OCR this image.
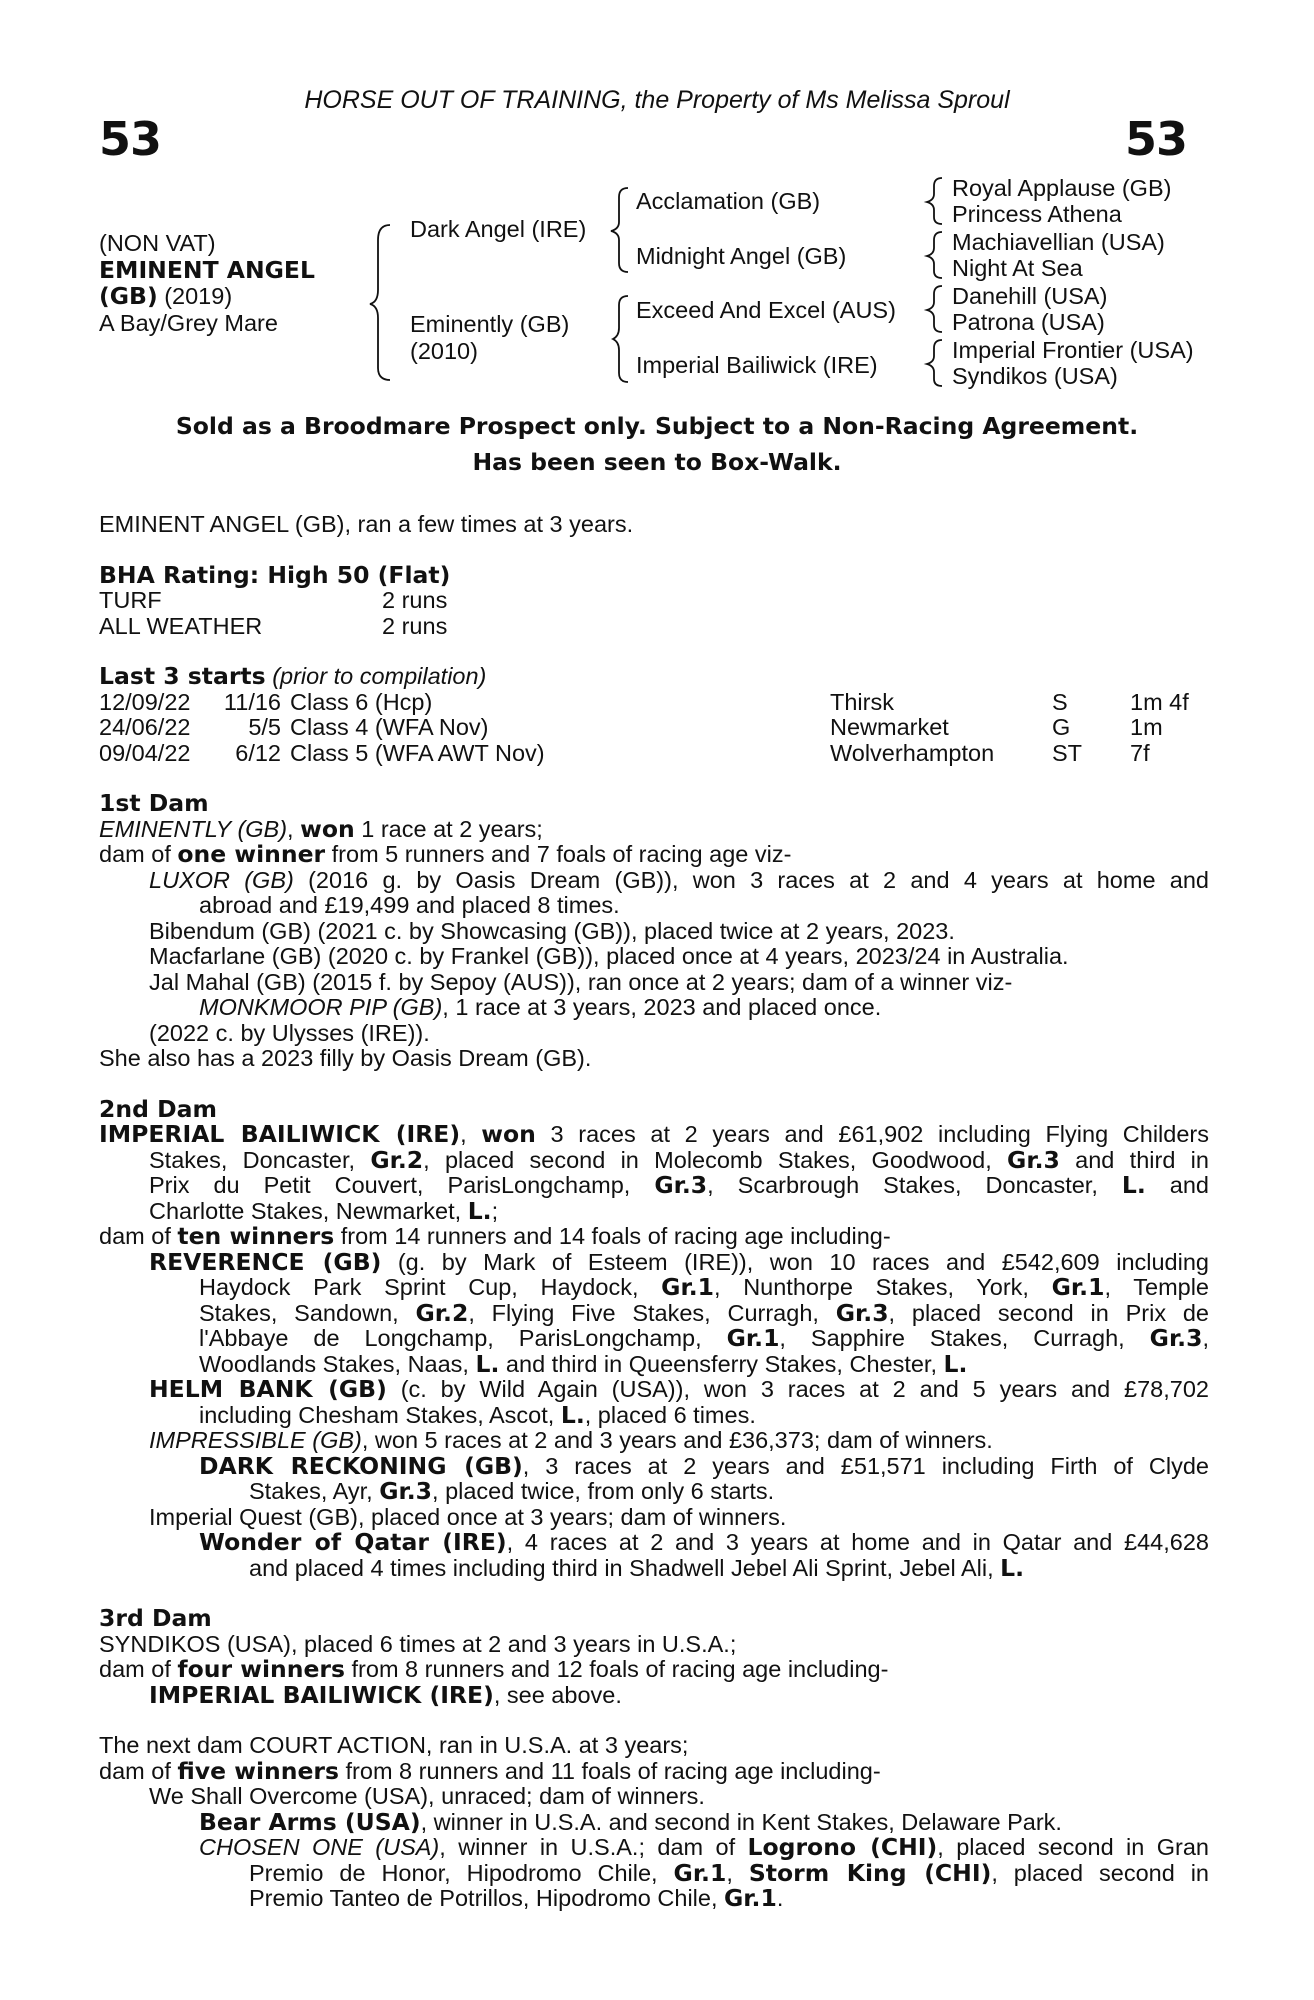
HORSE OUT OF TRAINING, the Property of Ms Melissa Sproul
53	53
(NON VAT)
EMINENT ANGEL
(GB) (2019)
A Bay/Grey Mare
Dark Angel (IRE)
Eminently (GB)
(2010)
Acclamation (GB)
Midnight Angel (GB)
Exceed And Excel (AUS)
Imperial Bailiwick (IRE)
Royal Applause (GB)
Princess Athena
Machiavellian (USA)
Night At Sea
Danehill (USA)
Patrona (USA)
Imperial Frontier (USA)
Syndikos (USA)
Sold as a Broodmare Prospect only. Subject to a Non-Racing Agreement.
Has been seen to Box-Walk.
EMINENT ANGEL (GB), ran a few times at 3 years.
BHA Rating: High 50 (Flat)
TURF	2 runs
ALL WEATHER	2 runs
Last 3 starts (prior to compilation)
12/09/22	11/16 Class 6 (Hcp)	Thirsk	S	1m 4f
24/06/22	5/5 Class 4 (WFA Nov)	Newmarket	G	1m
09/04/22	6/12 Class 5 (WFA AWT Nov)	Wolverhampton	ST	7f
1st Dam
EMINENTLY (GB), won 1 race at 2 years;
dam of one winner from 5 runners and 7 foals of racing age viz-
LUXOR (GB) (2016 g. by Oasis Dream (GB)), won 3 races at 2 and 4 years at home and
abroad and £19,499 and placed 8 times.
Bibendum (GB) (2021 c. by Showcasing (GB)), placed twice at 2 years, 2023.
Macfarlane (GB) (2020 c. by Frankel (GB)), placed once at 4 years, 2023/24 in Australia.
Jal Mahal (GB) (2015 f. by Sepoy (AUS)), ran once at 2 years; dam of a winner viz-
MONKMOOR PIP (GB), 1 race at 3 years, 2023 and placed once.
(2022 c. by Ulysses (IRE)).
She also has a 2023 filly by Oasis Dream (GB).
2nd Dam
IMPERIAL BAILIWICK (IRE), won 3 races at 2 years and £61,902 including Flying Childers
Stakes, Doncaster, Gr.2, placed second in Molecomb Stakes, Goodwood, Gr.3 and third in
Prix du Petit Couvert, ParisLongchamp, Gr.3, Scarbrough Stakes, Doncaster, L. and
Charlotte Stakes, Newmarket, L.;
dam of ten winners from 14 runners and 14 foals of racing age including-
REVERENCE (GB) (g. by Mark of Esteem (IRE)), won 10 races and £542,609 including
Haydock Park Sprint Cup, Haydock, Gr.1, Nunthorpe Stakes, York, Gr.1, Temple
Stakes, Sandown, Gr.2, Flying Five Stakes, Curragh, Gr.3, placed second in Prix de
l'Abbaye de Longchamp, ParisLongchamp, Gr.1, Sapphire Stakes, Curragh, Gr.3,
Woodlands Stakes, Naas, L. and third in Queensferry Stakes, Chester, L.
HELM BANK (GB) (c. by Wild Again (USA)), won 3 races at 2 and 5 years and £78,702
including Chesham Stakes, Ascot, L., placed 6 times.
IMPRESSIBLE (GB), won 5 races at 2 and 3 years and £36,373; dam of winners.
DARK RECKONING (GB), 3 races at 2 years and £51,571 including Firth of Clyde
Stakes, Ayr, Gr.3, placed twice, from only 6 starts.
Imperial Quest (GB), placed once at 3 years; dam of winners.
Wonder of Qatar (IRE), 4 races at 2 and 3 years at home and in Qatar and £44,628
and placed 4 times including third in Shadwell Jebel Ali Sprint, Jebel Ali, L.
3rd Dam
SYNDIKOS (USA), placed 6 times at 2 and 3 years in U.S.A.;
dam of four winners from 8 runners and 12 foals of racing age including-
IMPERIAL BAILIWICK (IRE), see above.
The next dam COURT ACTION, ran in U.S.A. at 3 years;
dam of five winners from 8 runners and 11 foals of racing age including-
We Shall Overcome (USA), unraced; dam of winners.
Bear Arms (USA), winner in U.S.A. and second in Kent Stakes, Delaware Park.
CHOSEN ONE (USA), winner in U.S.A.; dam of Logrono (CHI), placed second in Gran
Premio de Honor, Hipodromo Chile, Gr.1, Storm King (CHI), placed second in
Premio Tanteo de Potrillos, Hipodromo Chile, Gr.1.
